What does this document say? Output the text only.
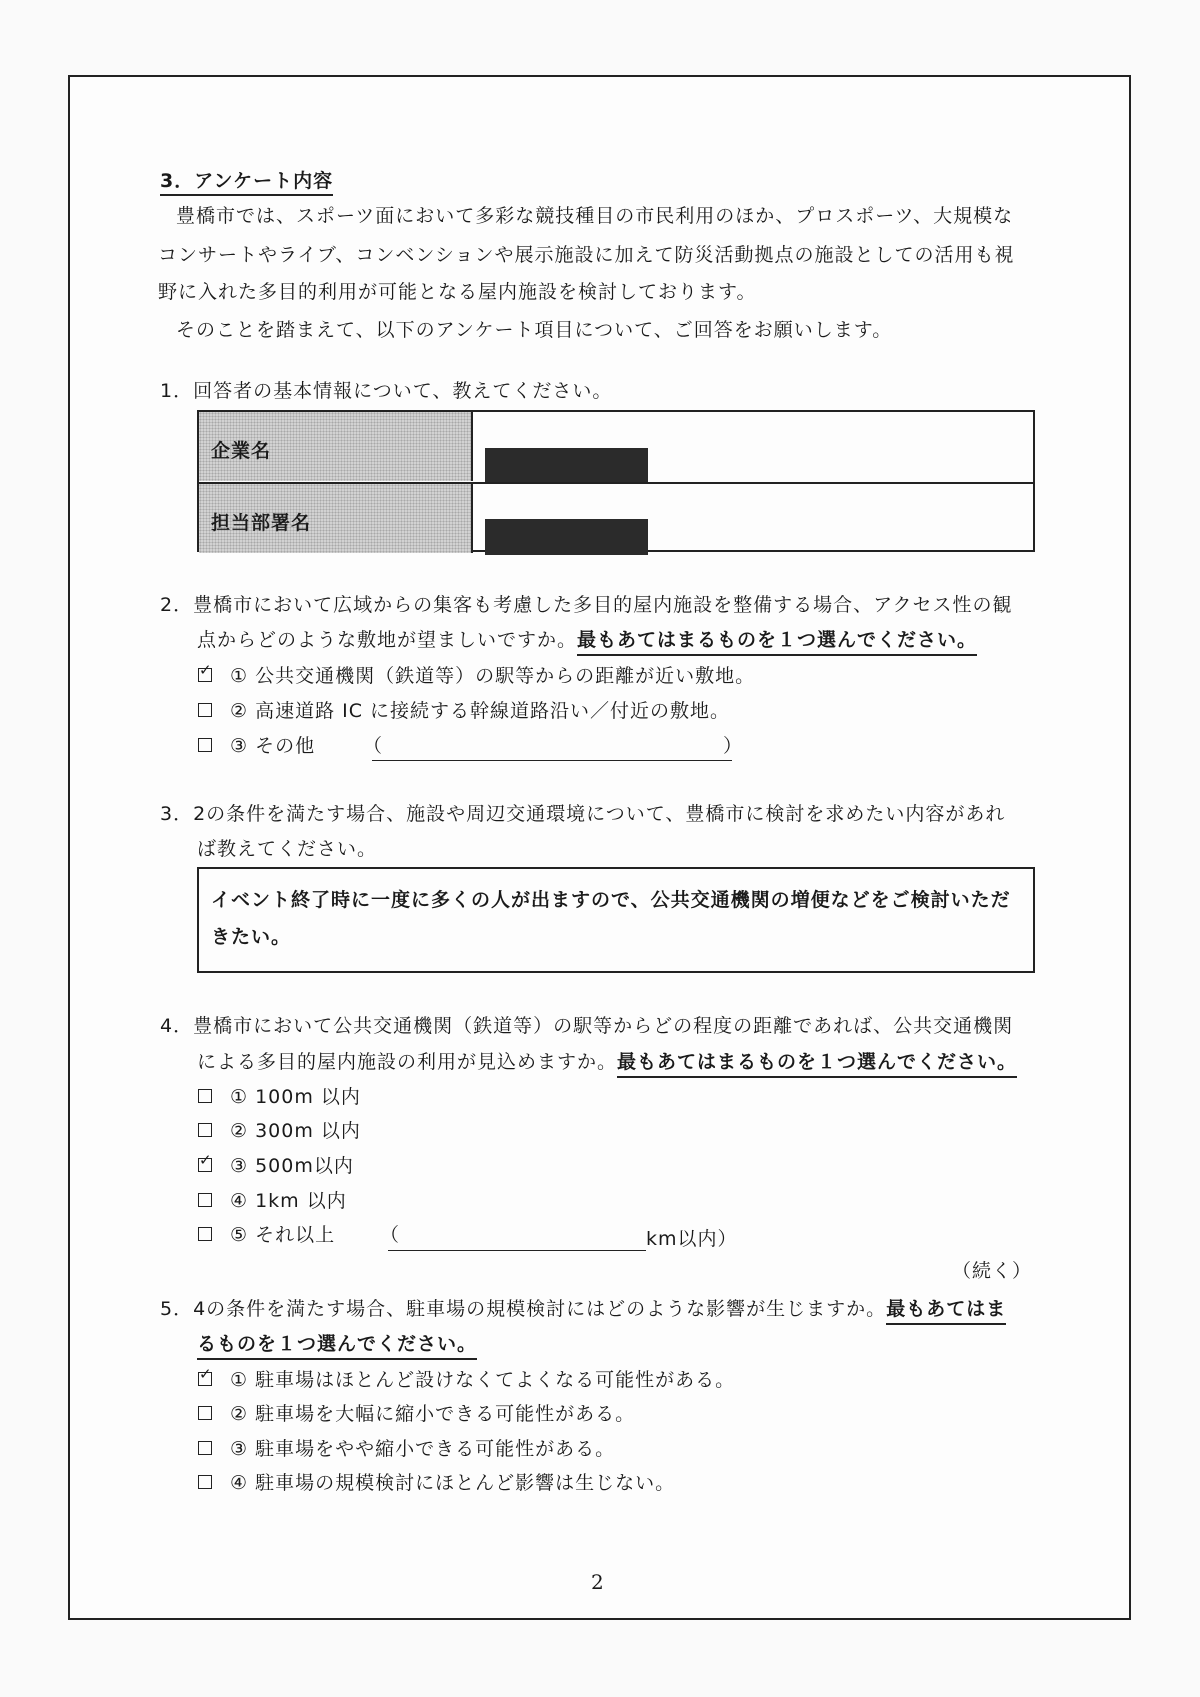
3．アンケート内容
豊橋市では、スポーツ面において多彩な競技種目の市民利用のほか、プロスポーツ、大規模な
コンサートやライブ、コンベンションや展示施設に加えて防災活動拠点の施設としての活用も視
野に入れた多目的利用が可能となる屋内施設を検討しております。
そのことを踏まえて、以下のアンケート項目について、ご回答をお願いします。
1．回答者の基本情報について、教えてください。
企業名
担当部署名
2．豊橋市において広域からの集客も考慮した多目的屋内施設を整備する場合、アクセス性の観
点からどのような敷地が望ましいですか。最もあてはまるものを１つ選んでください。
✓① 公共交通機関（鉄道等）の駅等からの距離が近い敷地。
② 高速道路 IC に接続する幹線道路沿い／付近の敷地。
③ その他	（	）
3．2の条件を満たす場合、施設や周辺交通環境について、豊橋市に検討を求めたい内容があれ
ば教えてください。
イベント終了時に一度に多くの人が出ますので、公共交通機関の増便などをご検討いただ
きたい。
4．豊橋市において公共交通機関（鉄道等）の駅等からどの程度の距離であれば、公共交通機関
による多目的屋内施設の利用が見込めますか。最もあてはまるものを１つ選んでください。
① 100m 以内
② 300m 以内
✓③ 500m以内
④ 1km 以内
⑤ それ以上 （	km以内）
（続く）
5．4の条件を満たす場合、駐車場の規模検討にはどのような影響が生じますか。最もあてはま
るものを１つ選んでください。
✓① 駐車場はほとんど設けなくてよくなる可能性がある。
② 駐車場を大幅に縮小できる可能性がある。
③ 駐車場をやや縮小できる可能性がある。
④ 駐車場の規模検討にほとんど影響は生じない。
2
